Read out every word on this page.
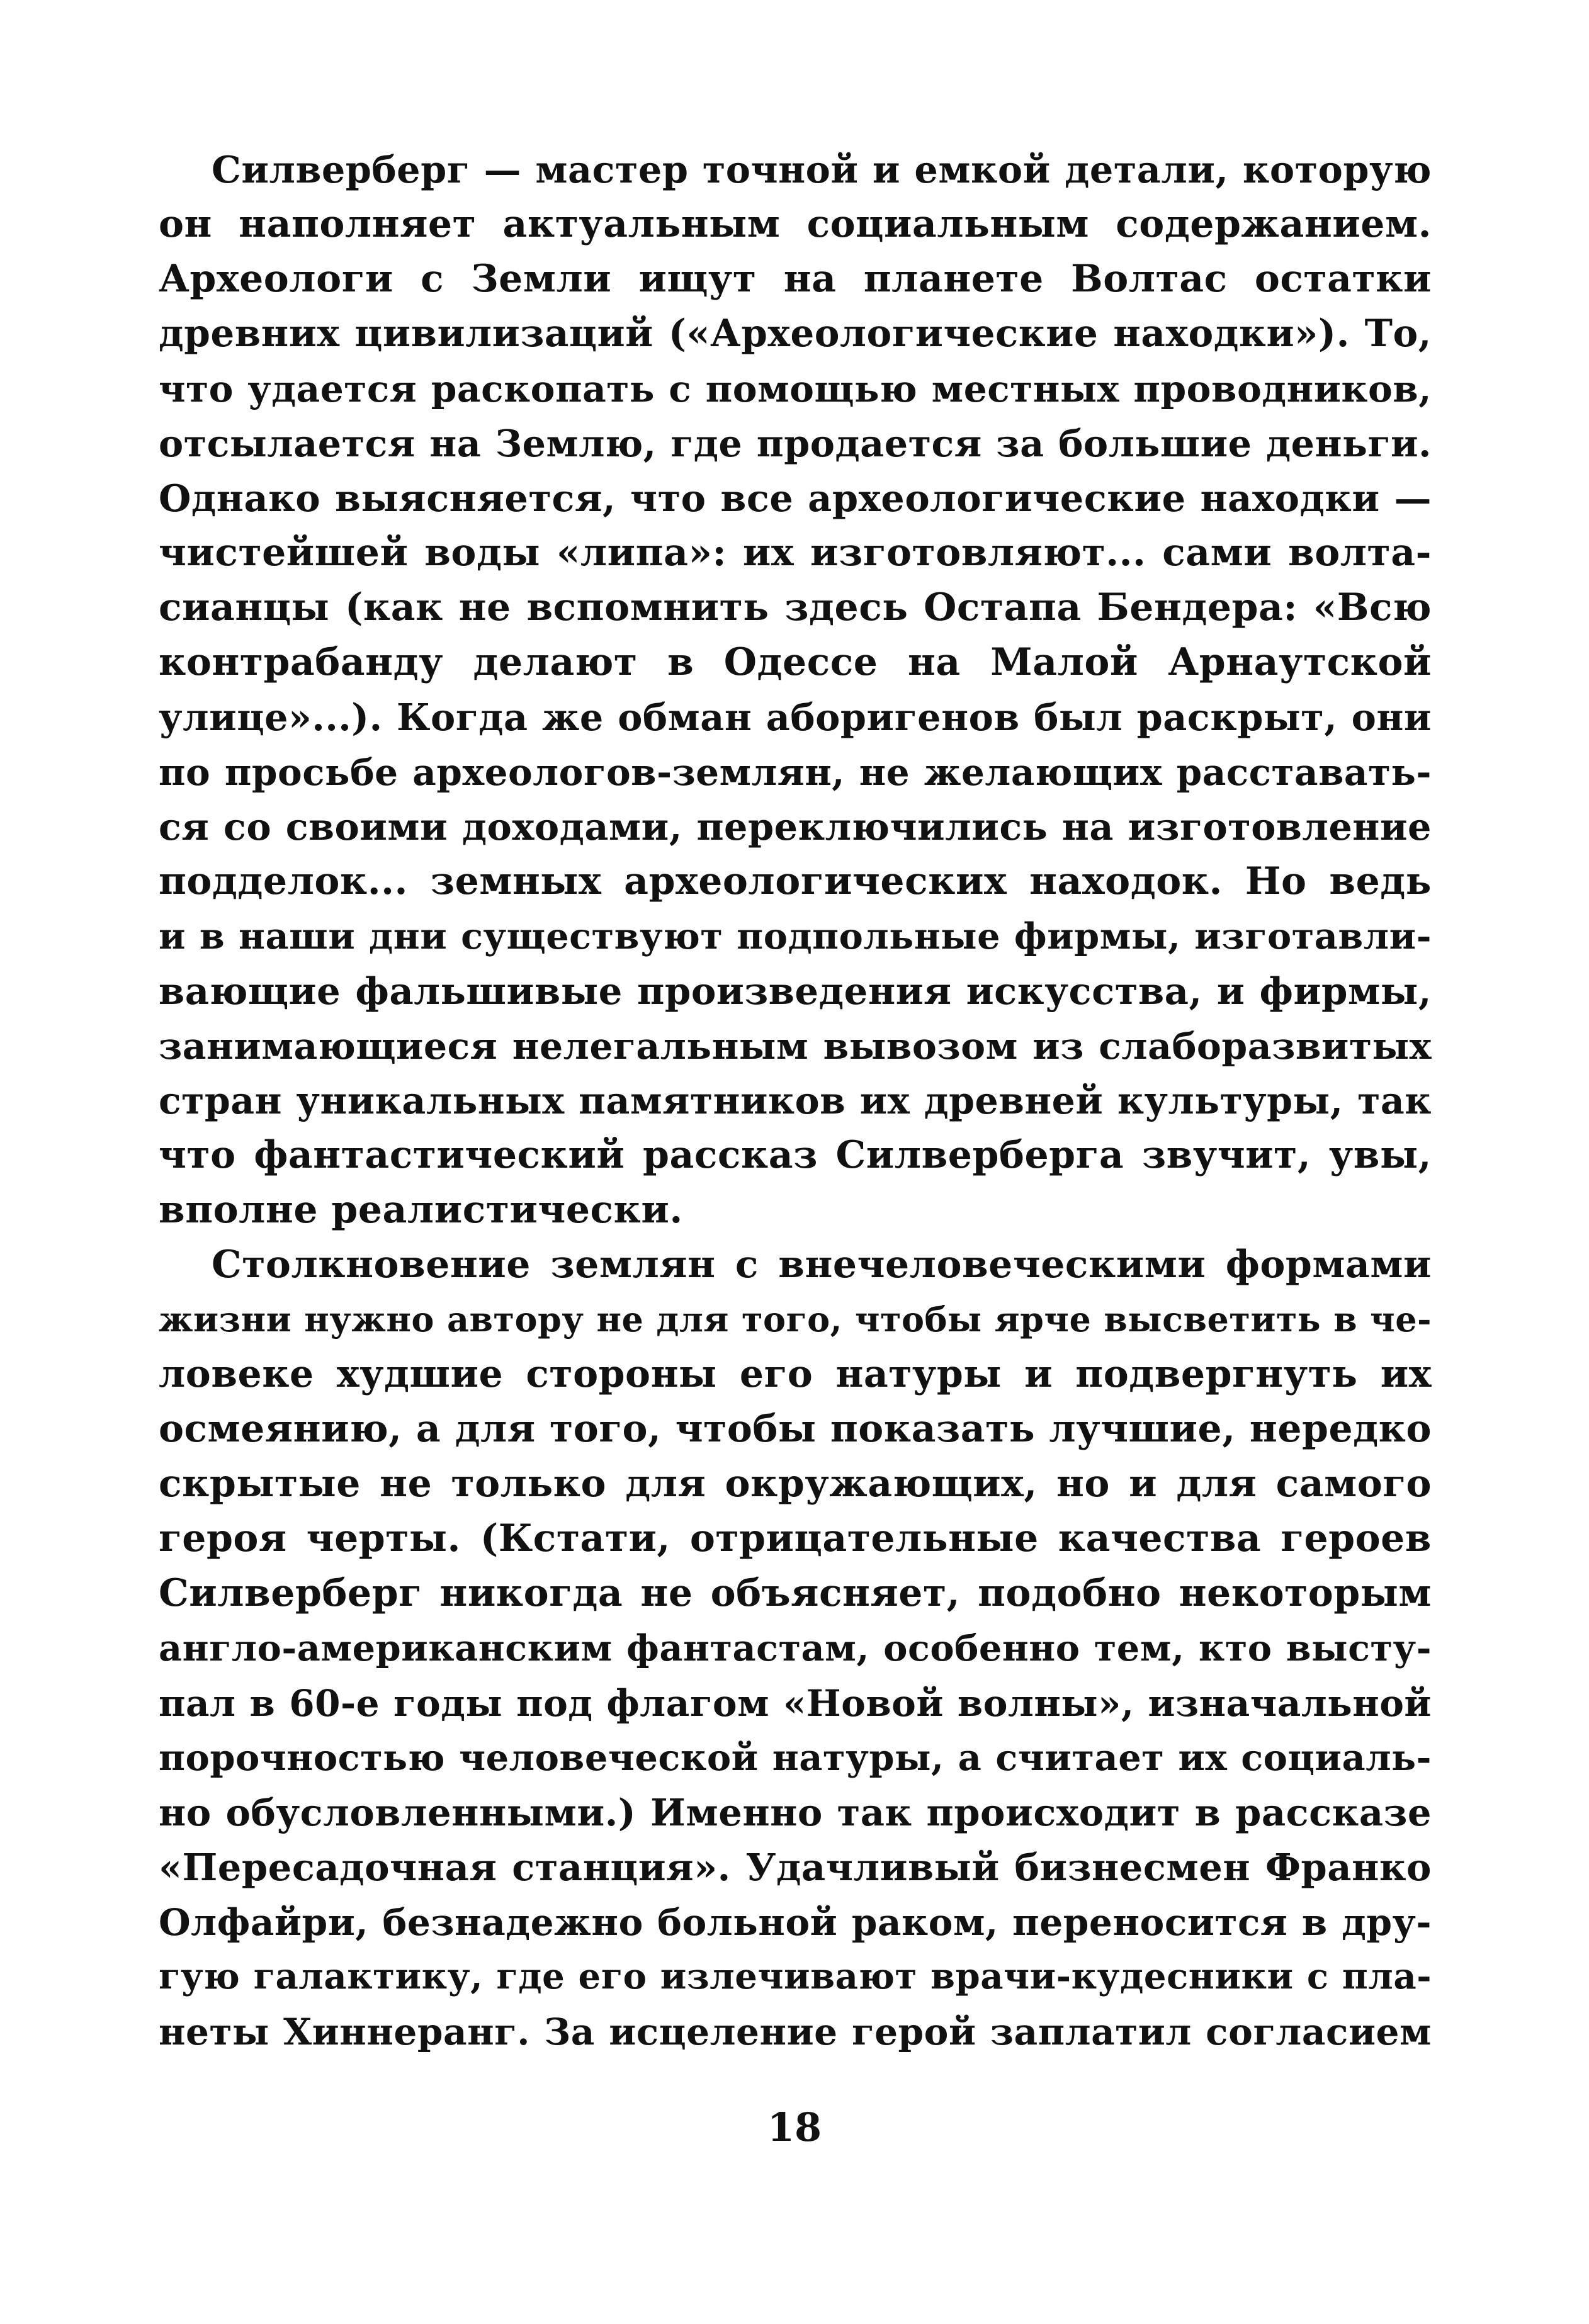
Силверберг — мастер точной и емкой детали, которую
он наполняет актуальным социальным содержанием.
Археологи с Земли ищут на планете Волтас остатки
древних цивилизаций («Археологические находки»). То,
что удается раскопать с помощью местных проводников,
отсылается на Землю, где продается за большие деньги.
Однако выясняется, что все археологические находки —
чистейшей воды «липа»: их изготовляют... сами волта-
сианцы (как не вспомнить здесь Остапа Бендера: «Всю
контрабанду делают в Одессе на Малой Арнаутской
улице»...). Когда же обман аборигенов был раскрыт, они
по просьбе археологов-землян, не желающих расставать-
ся со своими доходами, переключились на изготовление
подделок... земных археологических находок. Но ведь
и в наши дни существуют подпольные фирмы, изготавли-
вающие фальшивые произведения искусства, и фирмы,
занимающиеся нелегальным вывозом из слаборазвитых
стран уникальных памятников их древней культуры, так
что фантастический рассказ Силверберга звучит, увы,
вполне реалистически.
Столкновение землян с внечеловеческими формами
жизни нужно автору не для того, чтобы ярче высветить в че-
ловеке худшие стороны его натуры и подвергнуть их
осмеянию, а для того, чтобы показать лучшие, нередко
скрытые не только для окружающих, но и для самого
героя черты. (Кстати, отрицательные качества героев
Силверберг никогда не объясняет, подобно некоторым
англо-американским фантастам, особенно тем, кто высту-
пал в 60-е годы под флагом «Новой волны», изначальной
порочностью человеческой натуры, а считает их социаль-
но обусловленными.) Именно так происходит в рассказе
«Пересадочная станция». Удачливый бизнесмен Франко
Олфайри, безнадежно больной раком, переносится в дру-
гую галактику, где его излечивают врачи-кудесники с пла-
неты Хиннеранг. За исцеление герой заплатил согласием
18
